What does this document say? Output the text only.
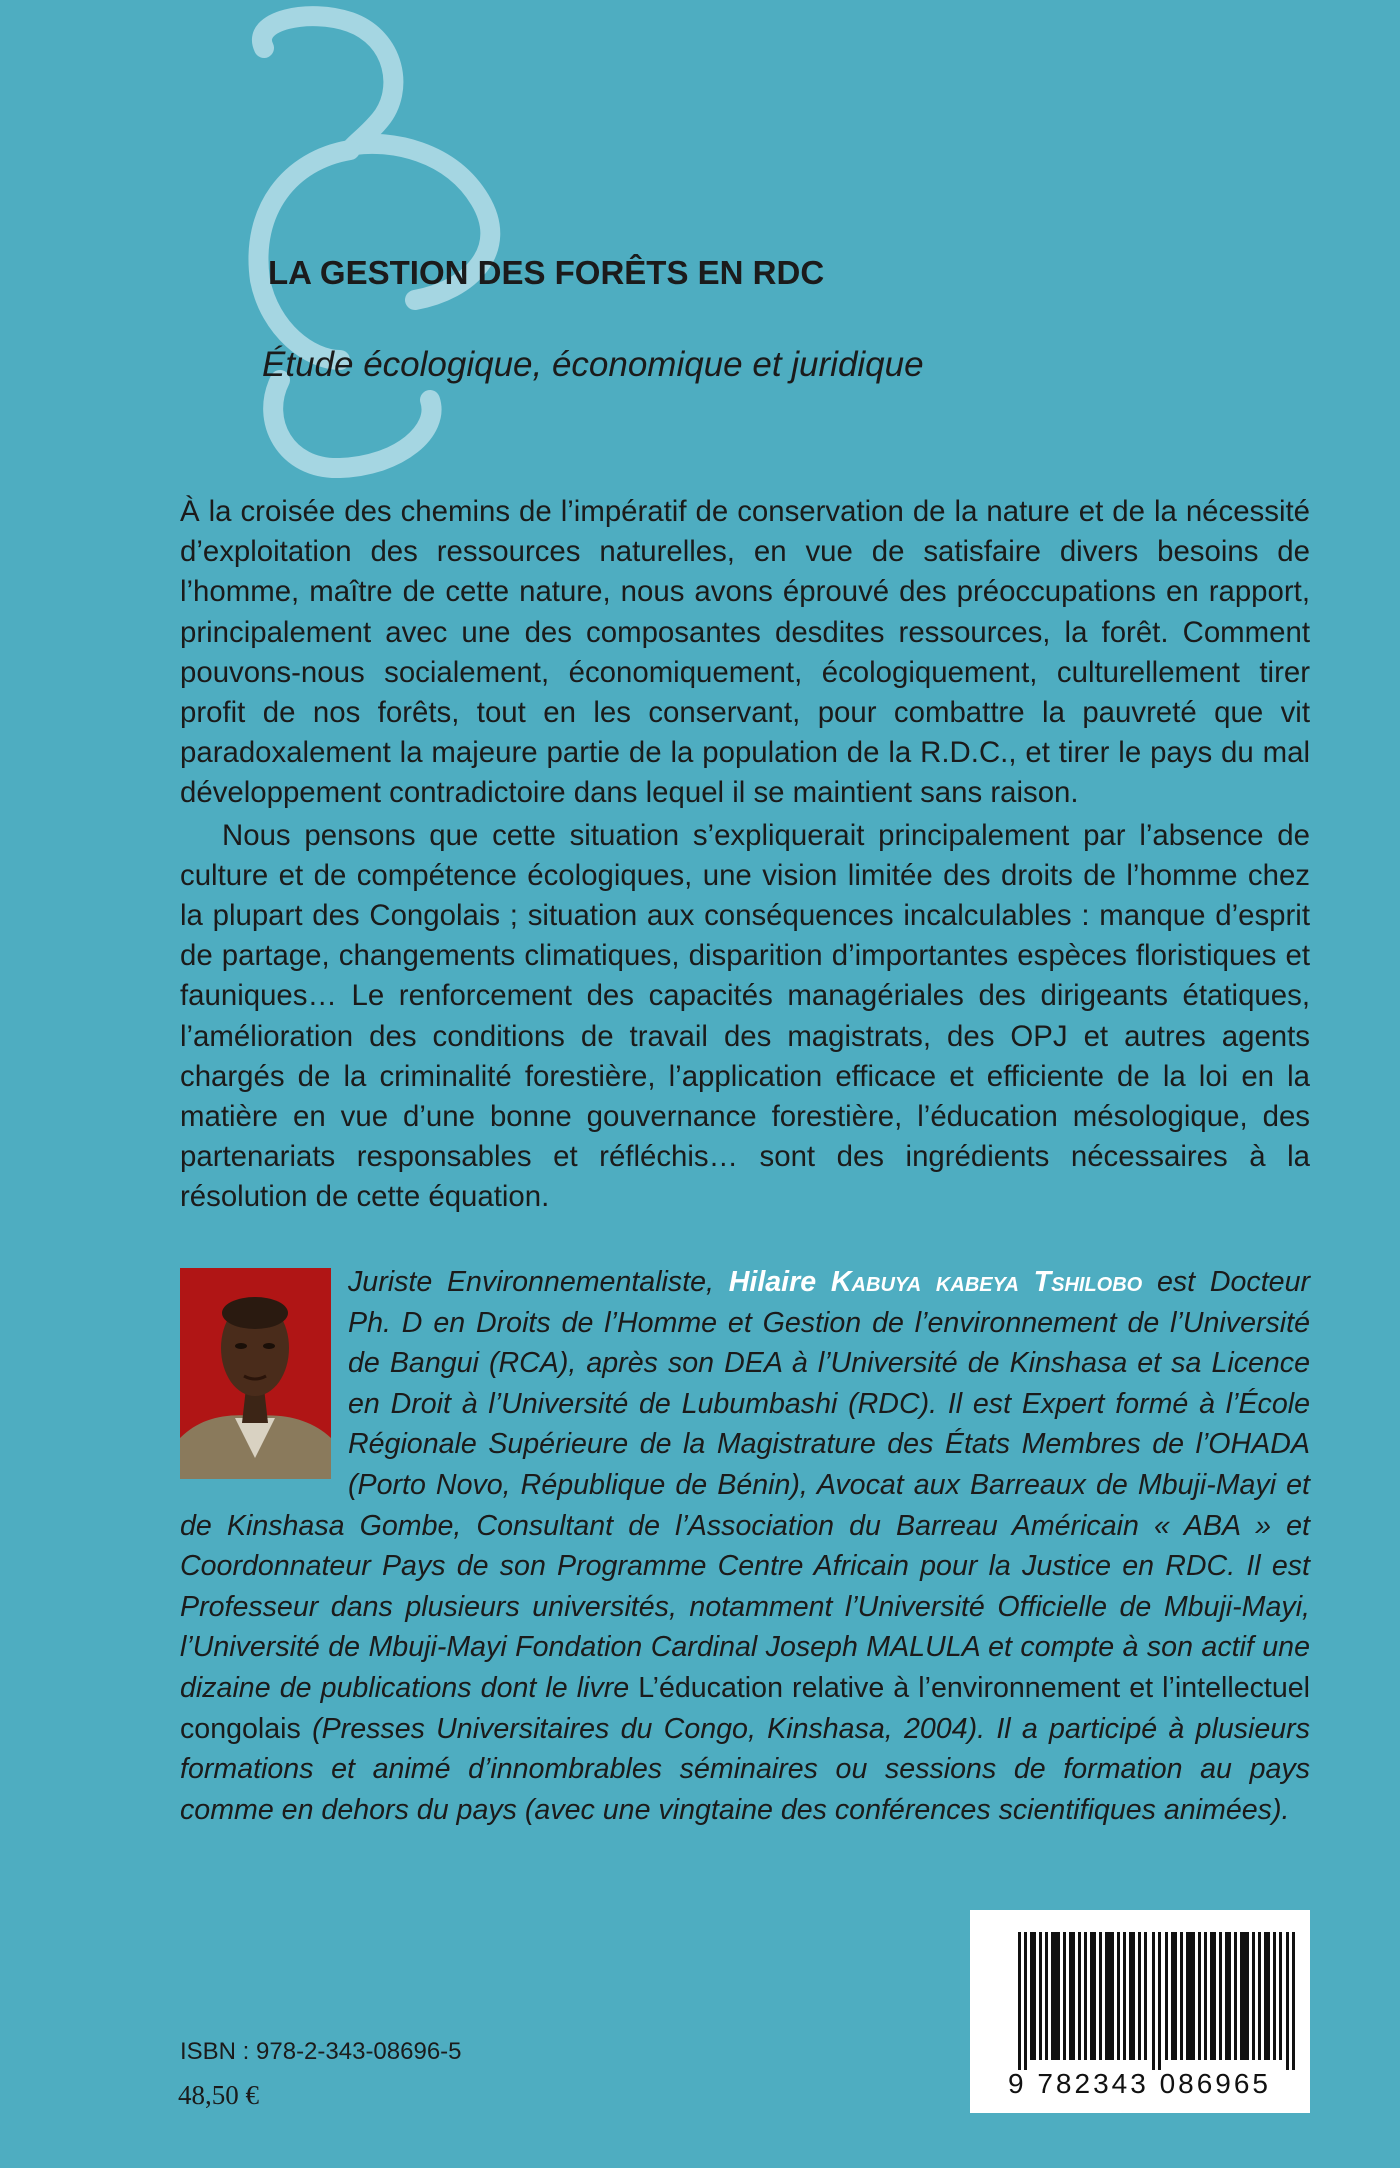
LA GESTION DES FORÊTS EN RDC
Étude écologique, économique et juridique

À la croisée des chemins de l’impératif de conservation de la nature et de la nécessité d’exploitation des ressources naturelles, en vue de satisfaire divers besoins de l’homme, maître de cette nature, nous avons éprouvé des préoccupations en rapport, principalement avec une des composantes desdites ressources, la forêt. Comment pouvons-nous socialement, économiquement, écologiquement, culturellement tirer profit de nos forêts, tout en les conservant, pour combattre la pauvreté que vit paradoxalement la majeure partie de la population de la R.D.C., et tirer le pays du mal développement contradictoire dans lequel il se maintient sans raison.

Nous pensons que cette situation s’expliquerait principalement par l’absence de culture et de compétence écologiques, une vision limitée des droits de l’homme chez la plupart des Congolais ; situation aux conséquences incalculables : manque d’esprit de partage, changements climatiques, disparition d’importantes espèces floristiques et fauniques… Le renforcement des capacités managériales des dirigeants étatiques, l’amélioration des conditions de travail des magistrats, des OPJ et autres agents chargés de la criminalité forestière, l’application efficace et efficiente de la loi en la matière en vue d’une bonne gouvernance forestière, l’éducation mésologique, des partenariats responsables et réfléchis… sont des ingrédients nécessaires à la résolution de cette équation.

Juriste Environnementaliste, Hilaire Kabuya kabeya Tshilobo est Docteur Ph. D en Droits de l’Homme et Gestion de l’environnement de l’Université de Bangui (RCA), après son DEA à l’Université de Kinshasa et sa Licence en Droit à l’Université de Lubumbashi (RDC). Il est Expert formé à l’École Régionale Supérieure de la Magistrature des États Membres de l’OHADA (Porto Novo, République de Bénin), Avocat aux Barreaux de Mbuji-Mayi et de Kinshasa Gombe, Consultant de l’Association du Barreau Américain « ABA » et Coordonnateur Pays de son Programme Centre Africain pour la Justice en RDC. Il est Professeur dans plusieurs universités, notamment l’Université Officielle de Mbuji-Mayi, l’Université de Mbuji-Mayi Fondation Cardinal Joseph MALULA et compte à son actif une dizaine de publications dont le livre L’éducation relative à l’environnement et l’intellectuel congolais (Presses Universitaires du Congo, Kinshasa, 2004). Il a participé à plusieurs formations et animé d’innombrables séminaires ou sessions de formation au pays comme en dehors du pays (avec une vingtaine des conférences scientifiques animées).
ISBN : 978-2-343-08696-5
48,50 €	9 782343 086965
